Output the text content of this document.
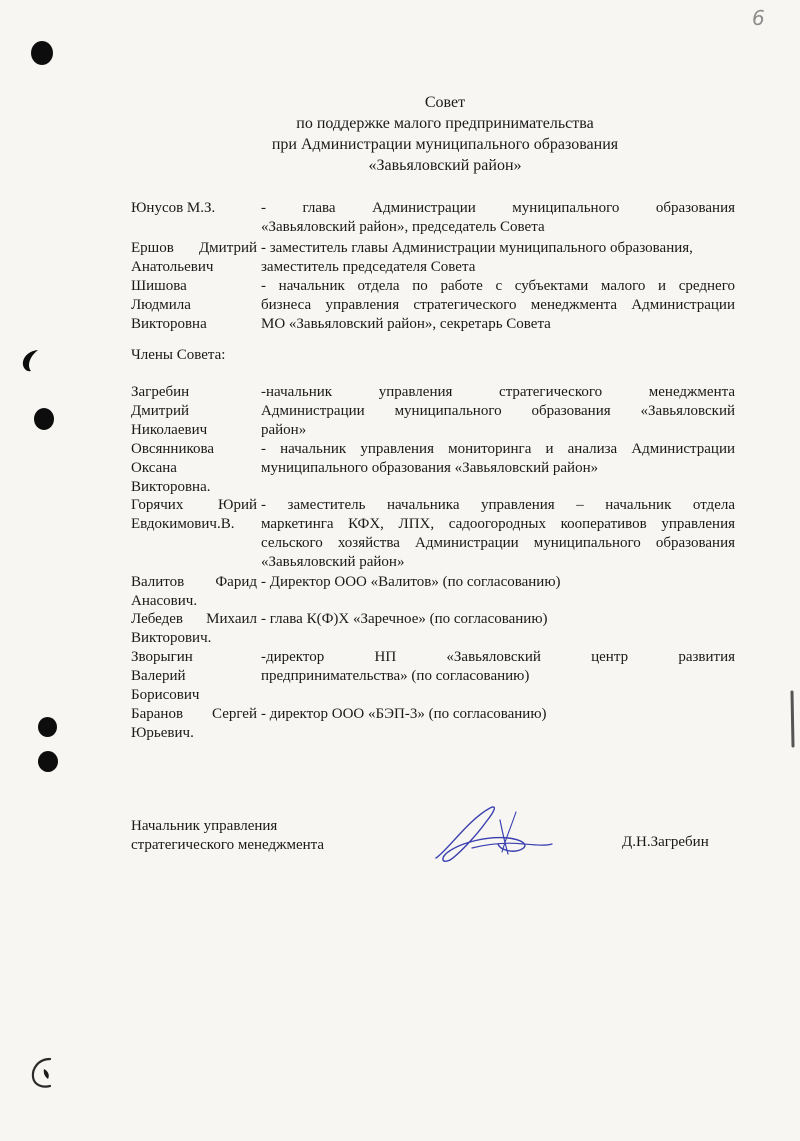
6
Совет
по поддержке малого предпринимательства
при Администрации муниципального образования
«Завьяловский район»
Юнусов М.З.	- глава Администрации муниципального образования
«Завьяловский район», председатель Совета
Ершов Дмитрий
Анатольевич
- заместитель главы Администрации муниципального образования,
заместитель председателя Совета
Шишова
Людмила
Викторовна
- начальник отдела по работе с субъектами малого и среднего
бизнеса управления стратегического менеджмента Администрации
МО «Завьяловский район», секретарь Совета
Члены Совета:
Загребин
Дмитрий
Николаевич
-начальник управления стратегического менеджмента
Администрации муниципального образования «Завьяловский
район»
Овсянникова
Оксана
Викторовна.
- начальник управления мониторинга и анализа Администрации
муниципального образования «Завьяловский район»
Горячих Юрий
Евдокимович.В.
- заместитель начальника управления – начальник отдела
маркетинга КФХ, ЛПХ, садоогородных кооперативов управления
сельского хозяйства Администрации муниципального образования
«Завьяловский район»
Валитов Фарид
Анасович.
- Директор ООО «Валитов» (по согласованию)
Лебедев Михаил
Викторович.
- глава К(Ф)Х «Заречное» (по согласованию)
Зворыгин
Валерий
Борисович
-директор НП «Завьяловский центр развития
предпринимательства» (по согласованию)
Баранов Сергей
Юрьевич.
- директор ООО «БЭП-3» (по согласованию)
Начальник управления
стратегического менеджмента	Д.Н.Загребин
